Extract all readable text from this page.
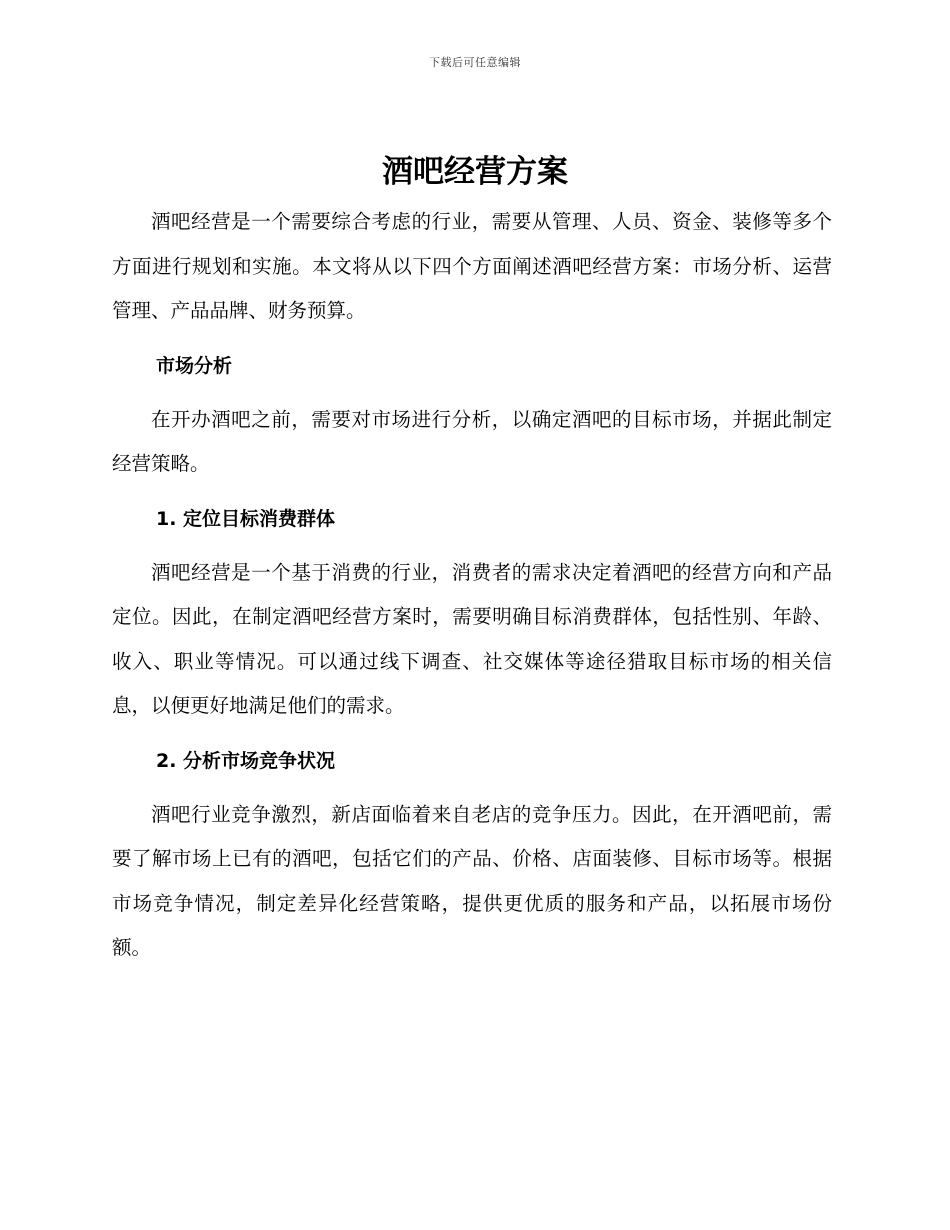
下载后可任意编辑
酒吧经营方案

酒吧经营是一个需要综合考虑的行业，需要从管理、人员、资金、装修等多个方面进行规划和实施。本文将从以下四个方面阐述酒吧经营方案：市场分析、运营管理、产品品牌、财务预算。

市场分析

在开办酒吧之前，需要对市场进行分析，以确定酒吧的目标市场，并据此制定经营策略。

1. 定位目标消费群体

酒吧经营是一个基于消费的行业，消费者的需求决定着酒吧的经营方向和产品定位。因此，在制定酒吧经营方案时，需要明确目标消费群体，包括性别、年龄、收入、职业等情况。可以通过线下调查、社交媒体等途径猎取目标市场的相关信息，以便更好地满足他们的需求。

2. 分析市场竞争状况

酒吧行业竞争激烈，新店面临着来自老店的竞争压力。因此，在开酒吧前，需要了解市场上已有的酒吧，包括它们的产品、价格、店面装修、目标市场等。根据市场竞争情况，制定差异化经营策略，提供更优质的服务和产品，以拓展市场份额。
